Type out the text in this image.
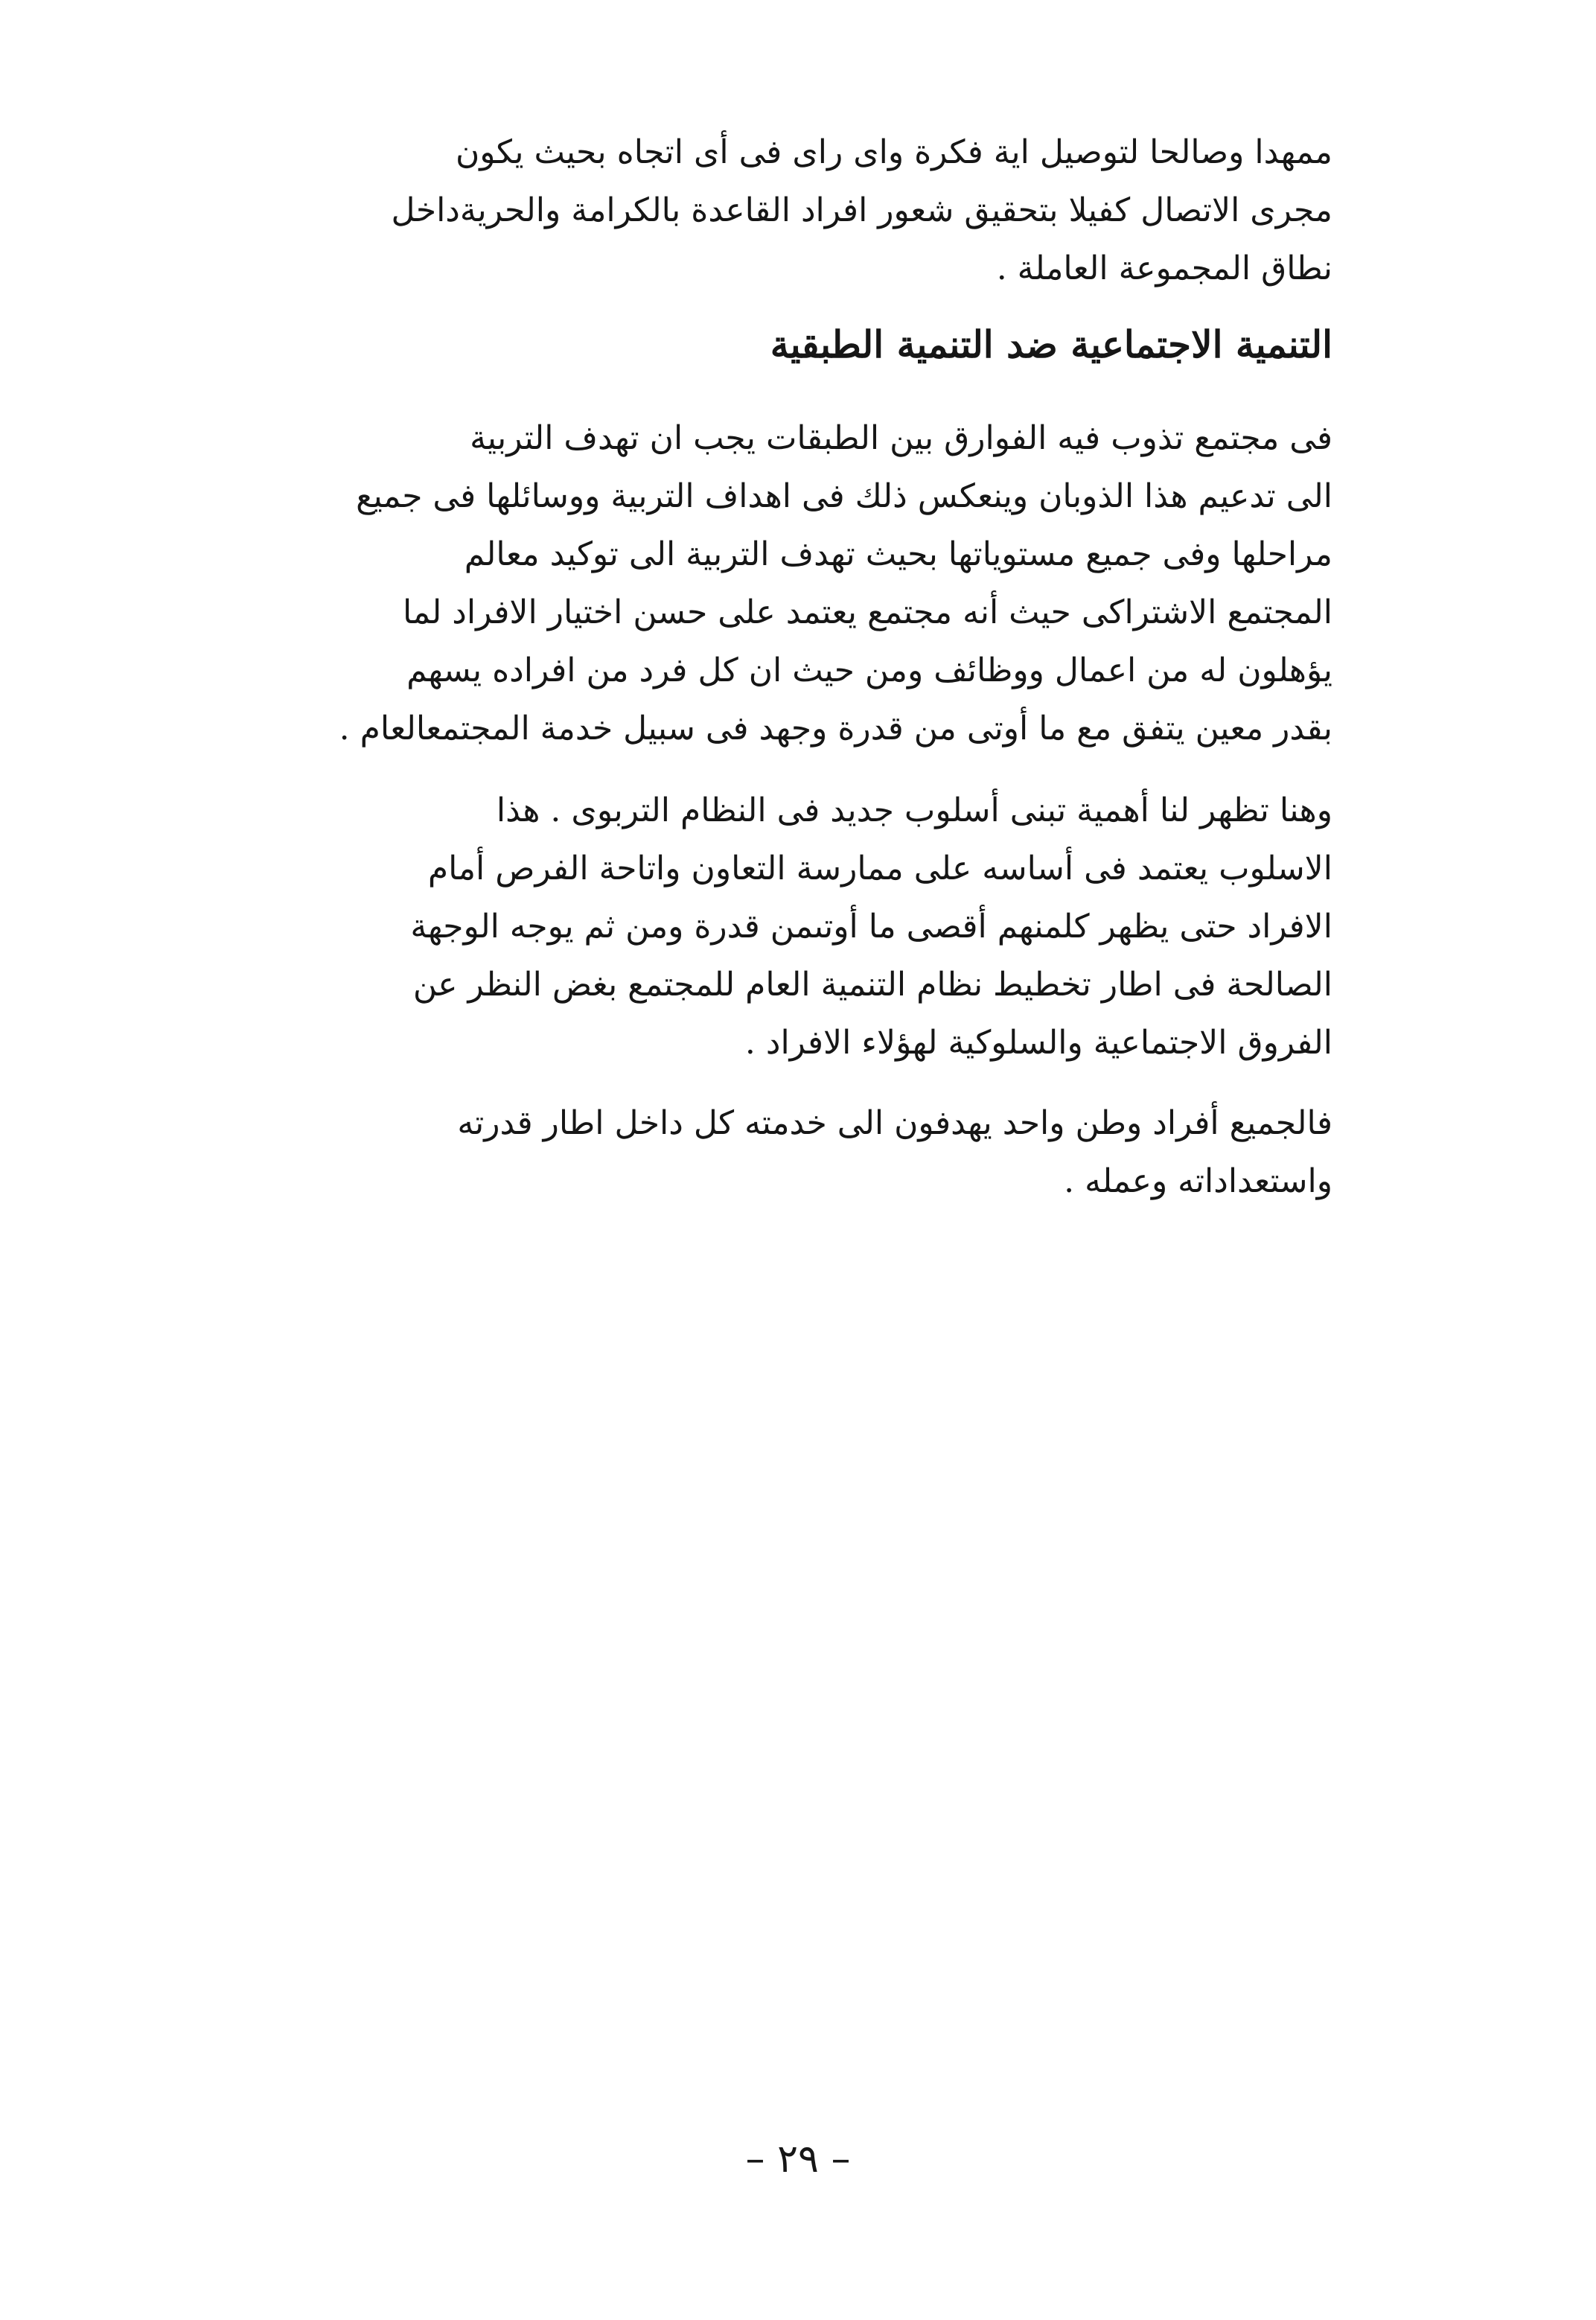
ممهدا وصالحا لتوصيل اية فكرة واى راى فى أى اتجاه بحيث يكون
مجرى الاتصال كفيلا بتحقيق شعور افراد القاعدة بالكرامة والحريةداخل
نطاق المجموعة العاملة .
التنمية الاجتماعية ضد التنمية الطبقية
فى مجتمع تذوب فيه الفوارق بين الطبقات يجب ان تهدف التربية
الى تدعيم هذا الذوبان وينعكس ذلك فى اهداف التربية ووسائلها فى جميع
مراحلها وفى جميع مستوياتها بحيث تهدف التربية الى توكيد معالم
المجتمع الاشتراكى حيث أنه مجتمع يعتمد على حسن اختيار الافراد لما
يؤهلون له من اعمال ووظائف ومن حيث ان كل فرد من افراده يسهم
بقدر معين يتفق مع ما أوتى من قدرة وجهد فى سبيل خدمة المجتمعالعام .
وهنا تظهر لنا أهمية تبنى أسلوب جديد فى النظام التربوى . هذا
الاسلوب يعتمد فى أساسه على ممارسة التعاون واتاحة الفرص أمام
الافراد حتى يظهر كلمنهم أقصى ما أوتىمن قدرة ومن ثم يوجه الوجهة
الصالحة فى اطار تخطيط نظام التنمية العام للمجتمع بغض النظر عن
الفروق الاجتماعية والسلوكية لهؤلاء الافراد .
فالجميع أفراد وطن واحد يهدفون الى خدمته كل داخل اطار قدرته
واستعداداته وعمله .
– ٢٩ –
